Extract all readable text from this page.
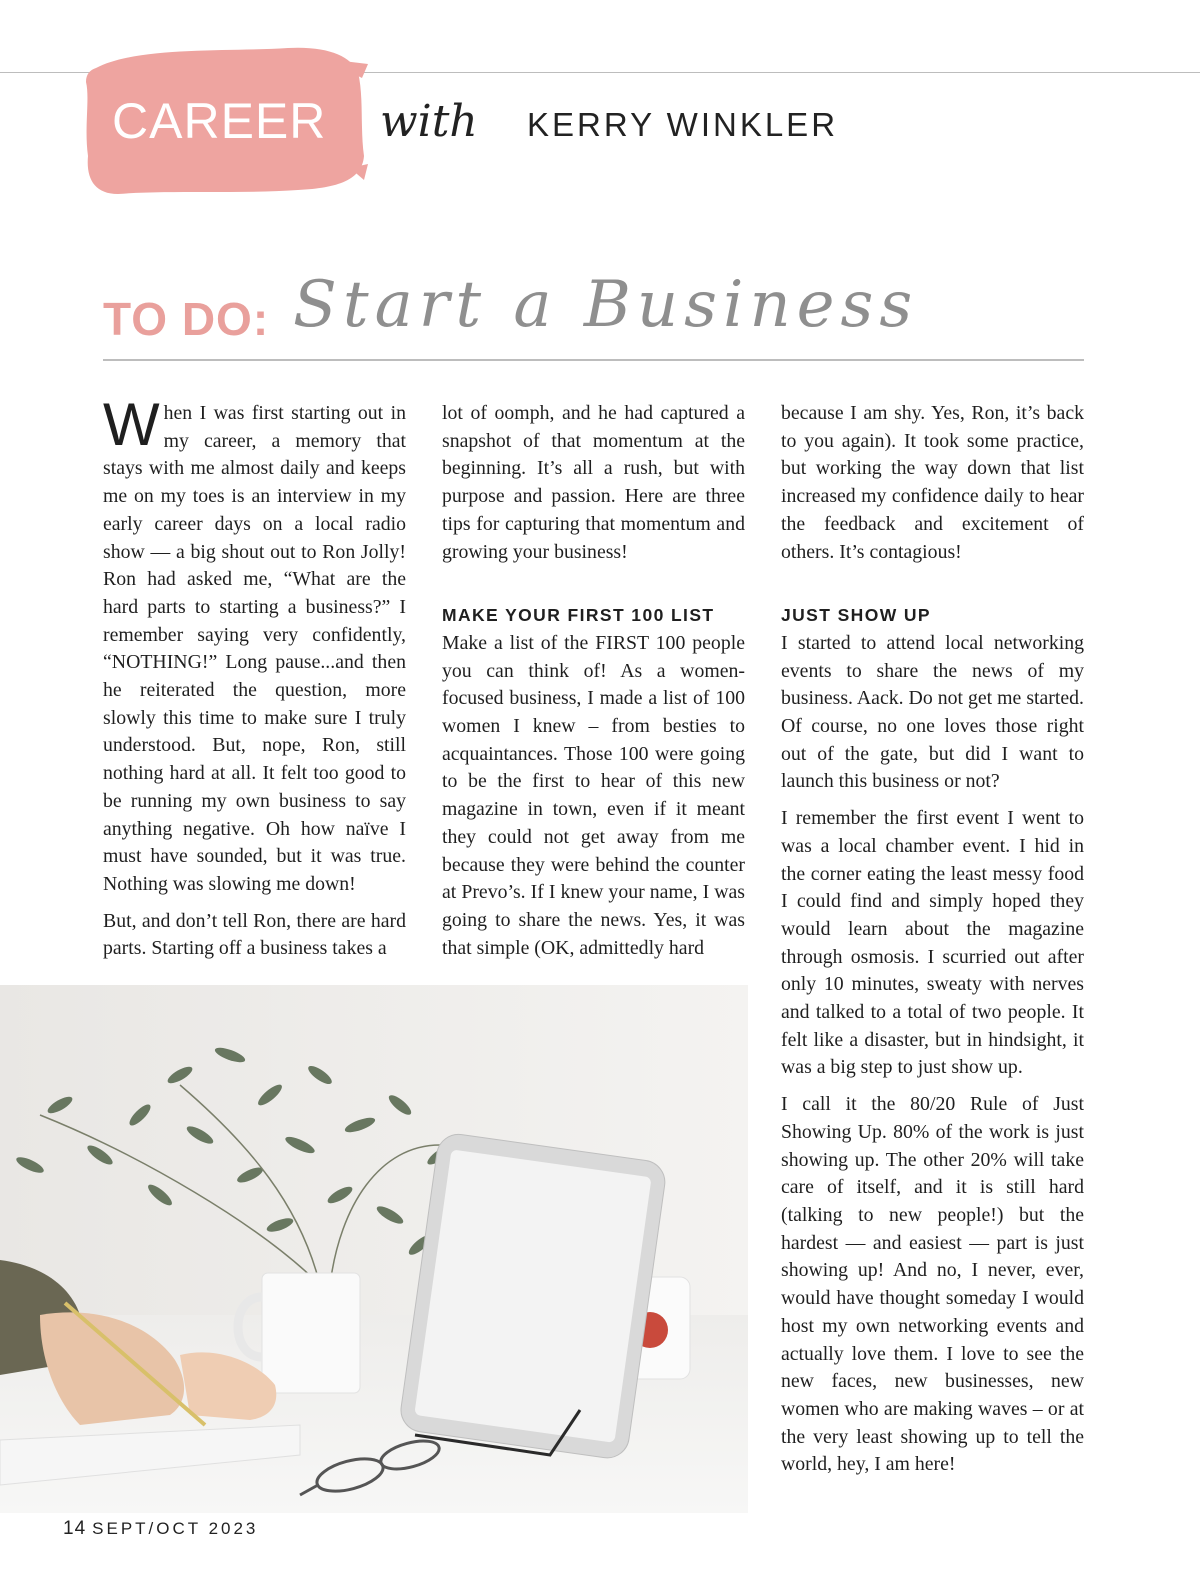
CAREER with KERRY WINKLER
TO DO: Start a Business

When I was first starting out in my career, a memory that stays with me almost daily and keeps me on my toes is an interview in my early career days on a local radio show — a big shout out to Ron Jolly! Ron had asked me, “What are the hard parts to starting a business?” I remember saying very confidently, “NOTHING!” Long pause...and then he reiterated the question, more slowly this time to make sure I truly understood. But, nope, Ron, still nothing hard at all. It felt too good to be running my own business to say anything negative. Oh how naïve I must have sounded, but it was true. Nothing was slowing me down!

But, and don’t tell Ron, there are hard parts. Starting off a business takes a

lot of oomph, and he had captured a snapshot of that momentum at the beginning. It’s all a rush, but with purpose and passion. Here are three tips for capturing that momentum and growing your business!

MAKE YOUR FIRST 100 LIST

Make a list of the FIRST 100 people you can think of! As a women-focused business, I made a list of 100 women I knew – from besties to acquaintances. Those 100 were going to be the first to hear of this new magazine in town, even if it meant they could not get away from me because they were behind the counter at Prevo’s. If I knew your name, I was going to share the news. Yes, it was that simple (OK, admittedly hard

because I am shy. Yes, Ron, it’s back to you again). It took some practice, but working the way down that list increased my confidence daily to hear the feedback and excitement of others. It’s contagious!

JUST SHOW UP

I started to attend local networking events to share the news of my business. Aack. Do not get me started. Of course, no one loves those right out of the gate, but did I want to launch this business or not?

I remember the first event I went to was a local chamber event. I hid in the corner eating the least messy food I could find and simply hoped they would learn about the magazine through osmosis. I scurried out after only 10 minutes, sweaty with nerves and talked to a total of two people. It felt like a disaster, but in hindsight, it was a big step to just show up.

I call it the 80/20 Rule of Just Showing Up. 80% of the work is just showing up. The other 20% will take care of itself, and it is still hard (talking to new people!) but the hardest — and easiest — part is just showing up! And no, I never, ever, would have thought someday I would host my own networking events and actually love them. I love to see the new faces, new businesses, new women who are making waves – or at the very least showing up to tell the world, hey, I am here!

14 SEPT/OCT 2023
